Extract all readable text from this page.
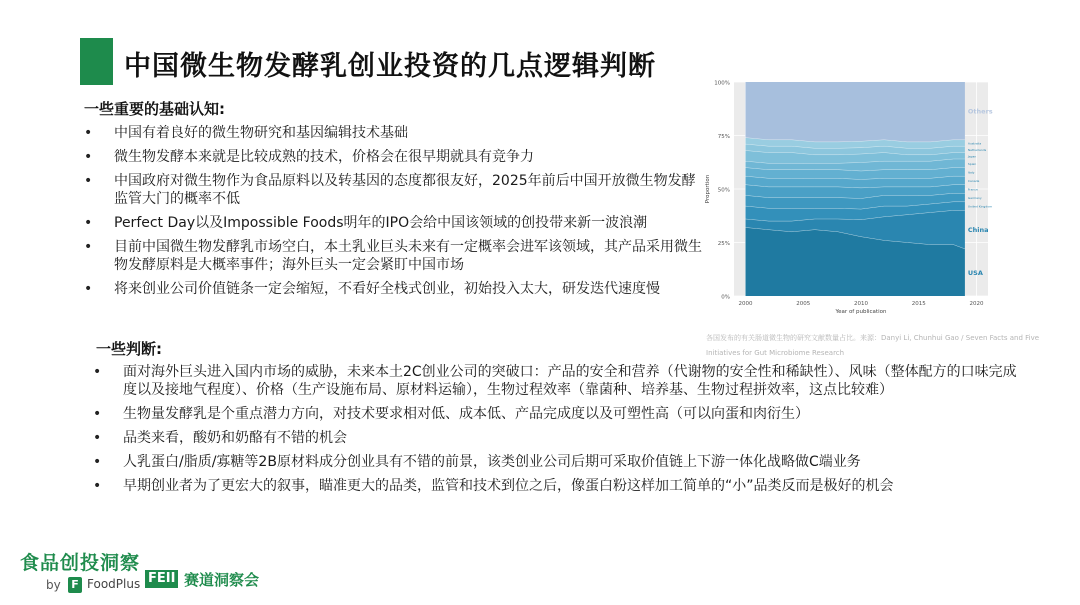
中国微生物发酵乳创业投资的几点逻辑判断
一些重要的基础认知:
• 中国有着良好的微生物研究和基因编辑技术基础
• 微生物发酵本来就是比较成熟的技术，价格会在很早期就具有竞争力
• 中国政府对微生物作为食品原料以及转基因的态度都很友好，2025年前后中国开放微生物发酵监管大门的概率不低
• Perfect Day以及Impossible Foods明年的IPO会给中国该领域的创投带来新一波浪潮
• 目前中国微生物发酵乳市场空白，本土乳业巨头未来有一定概率会进军该领域，其产品采用微生物发酵原料是大概率事件；海外巨头一定会紧盯中国市场
• 将来创业公司价值链条一定会缩短，不看好全栈式创业，初始投入太大，研发迭代速度慢
一些判断:
• 面对海外巨头进入国内市场的威胁，未来本土2C创业公司的突破口：产品的安全和营养（代谢物的安全性和稀缺性）、风味（整体配方的口味完成度以及接地气程度）、价格（生产设施布局、原材料运输），生物过程效率（靠菌种、培养基、生物过程拼效率，这点比较难）
• 生物量发酵乳是个重点潜力方向，对技术要求相对低、成本低、产品完成度以及可塑性高（可以向蛋和肉衍生）
• 品类来看，酸奶和奶酪有不错的机会
• 人乳蛋白/脂质/寡糖等2B原材料成分创业具有不错的前景，该类创业公司后期可采取价值链上下游一体化战略做C端业务
• 早期创业者为了更宏大的叙事，瞄准更大的品类，监管和技术到位之后，像蛋白粉这样加工简单的“小”品类反而是极好的机会
0%
25%
50%
75%
100%
2000	2005	2010	2015	2020
USA
China
United Kingdom
Germany
France
Canada
Italy
Spain
Japan
Netherlands
Australia
Others
Year of publication
Proportion
各国发布的有关肠道微生物的研究文献数量占比。来源：Danyi Li, Chunhui Gao / Seven Facts and Five Initiatives for Gut Microbiome Research
食品创投洞察
by F FoodPlus FEII 赛道洞察会
